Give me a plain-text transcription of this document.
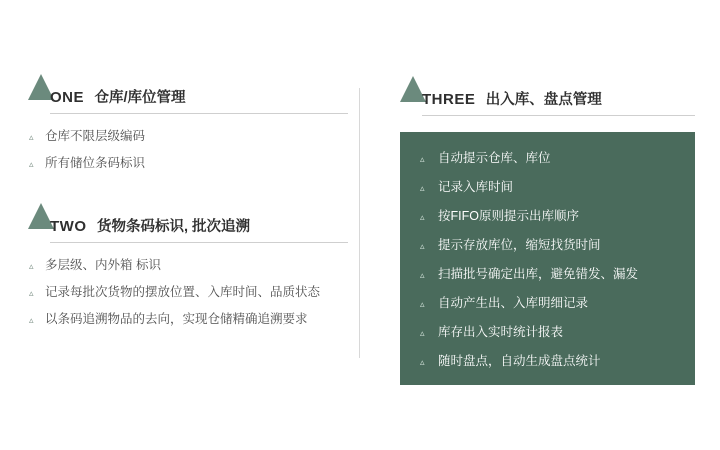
ONE 仓库/库位管理
▵ 仓库不限层级编码
▵ 所有储位条码标识
TWO 货物条码标识, 批次追溯
▵ 多层级、内外箱 标识
▵ 记录每批次货物的摆放位置、入库时间、品质状态
▵ 以条码追溯物品的去向，实现仓储精确追溯要求
THREE 出入库、盘点管理
▵ 自动提示仓库、库位
▵ 记录入库时间
▵ 按FIFO原则提示出库顺序
▵ 提示存放库位，缩短找货时间
▵ 扫描批号确定出库，避免错发、漏发
▵ 自动产生出、入库明细记录
▵ 库存出入实时统计报表
▵ 随时盘点，自动生成盘点统计
